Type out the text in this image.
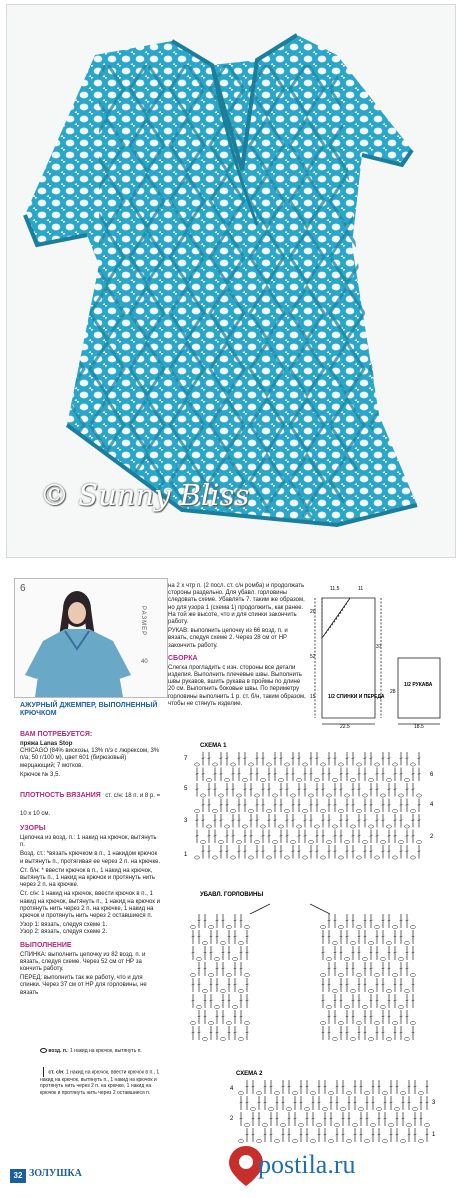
© Sunny Bliss
6
РАЗМЕР
40
АЖУРНЫЙ ДЖЕМПЕР, ВЫПОЛНЕННЫЙ КРЮЧКОМ
ВАМ ПОТРЕБУЕТСЯ:
пряжа Lanas Stop
CHICAGO (84% вискозы, 13% п/э с люрексом, 3% п/а; 50 г/100 м), цвет 601 (бирюзовый) мерцающий; 7 мотков.
Крючок № 3,5.
ПЛОТНОСТЬ ВЯЗАНИЯ ст. с/н: 18 п. и 8 р. = 10 х 10 см.
УЗОРЫ
Цепочка из возд. п.: 1 накид на крючок, вытянуть п.
Возд. ст.: *вязать крючком в п., 1 накидом крючок и вытянуть п., протягивая ее через 2 п. на крючке.
Ст. б/н: * ввести крючок в п., 1 накид на крючок, вытянуть п., 1 накид на крючок и протянуть нить через 2 п. на крючке.
Ст. с/н: 1 накид на крючок, ввести крючок в п., 1 накид на крючок, вытянуть п., 1 накид на крючок и протянуть нить через 2 п. на крючке, 1 накид на крючок и протянуть нить через 2 оставшиеся п.
Узор 1: вязать, следуя схеме 1.
Узор 2: вязать, следуя схеме 2.
ВЫПОЛНЕНИЕ
СПИНКА: выполнить цепочку из 82 возд. п. и вязать, следуя схеме. Через 52 см от НР за кончить работу.
ПЕРЕД: выполнить так же работу, что и для спинки. Через 37 см от НР для горловины, не вязать
на 2 х чтр п. (2 посл. ст. с/н ромба) и продолжать стороны раздельно. Для убавл. горловины следовать схеме. Убавлять 7. таким же образом, но для узора 1 (схема 1) продолжить, как ранее. На той же высоте, что и для спинки закончить работу.
РУКАВ: выполнить цепочку из 66 возд. п. и вязать, следуя схеме 2. Через 28 см от НР закончить работу.
СБОРКА
Слегка прогладить с изн. стороны все детали изделия. Выполнить плечевые швы. Выполнить швы рукавов, вшить рукава в проймы по длине 20 см. Выполнить боковые швы. По периметру горловины выполнить 1 р. ст. б/н, таким образом, чтобы не стянуть изделие.
11,5	11
20
52
37
15
22,5
28
18,5
1/2 СПИНКИ И ПЕРЕДА
1/2 РУКАВА
СХЕМА 1
7
6
5
4
3
2
1
УБАВЛ. ГОРЛОВИНЫ
СХЕМА 2
4
3
2
1
возд. п.: 1 накид на крючок, вытянуть п.
ст. с/н: 1 накид на крючок, ввести крючок в п., 1 накид на крючок, вытянуть п., 1 накид на крючок и протянуть нить через 2 п. на крючке, 1 накид на крючок и протянуть нить через 2 оставшиеся п.
32 ЗОЛУШКА	postila.ru
